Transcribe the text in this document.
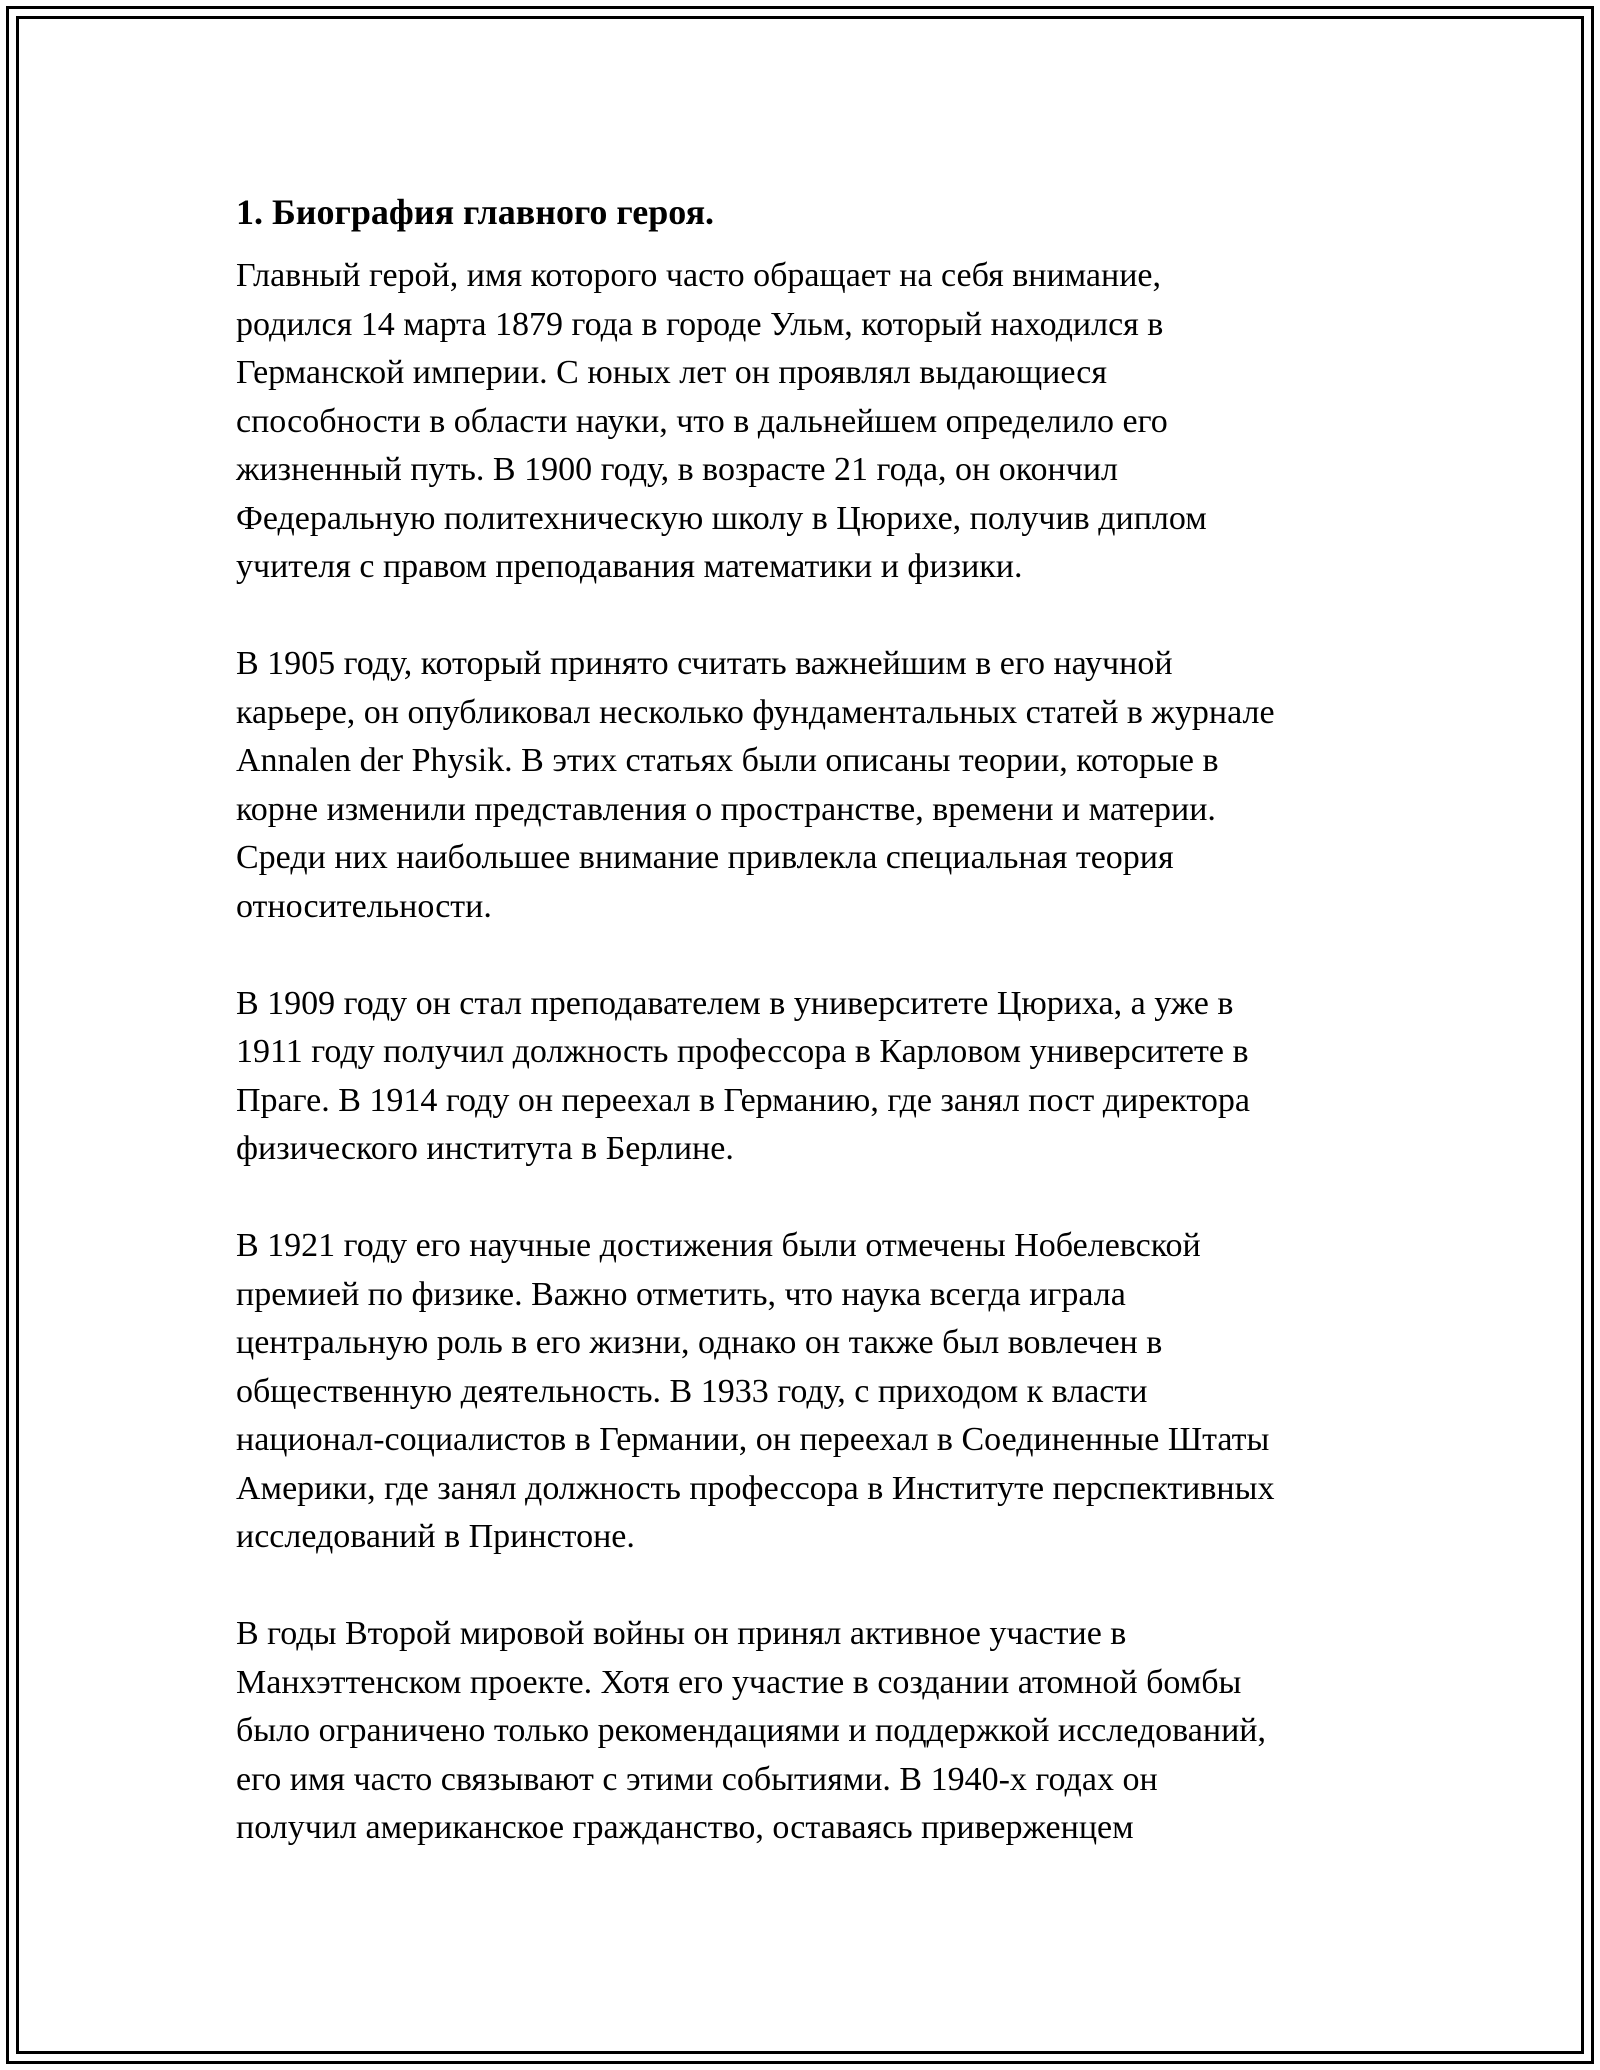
1. Биография главного героя.
Главный герой, имя которого часто обращает на себя внимание,
родился 14 марта 1879 года в городе Ульм, который находился в
Германской империи. С юных лет он проявлял выдающиеся
способности в области науки, что в дальнейшем определило его
жизненный путь. В 1900 году, в возрасте 21 года, он окончил
Федеральную политехническую школу в Цюрихе, получив диплом
учителя с правом преподавания математики и физики.
В 1905 году, который принято считать важнейшим в его научной
карьере, он опубликовал несколько фундаментальных статей в журнале
Annalen der Physik. В этих статьях были описаны теории, которые в
корне изменили представления о пространстве, времени и материи.
Среди них наибольшее внимание привлекла специальная теория
относительности.
В 1909 году он стал преподавателем в университете Цюриха, а уже в
1911 году получил должность профессора в Карловом университете в
Праге. В 1914 году он переехал в Германию, где занял пост директора
физического института в Берлине.
В 1921 году его научные достижения были отмечены Нобелевской
премией по физике. Важно отметить, что наука всегда играла
центральную роль в его жизни, однако он также был вовлечен в
общественную деятельность. В 1933 году, с приходом к власти
национал-социалистов в Германии, он переехал в Соединенные Штаты
Америки, где занял должность профессора в Институте перспективных
исследований в Принстоне.
В годы Второй мировой войны он принял активное участие в
Манхэттенском проекте. Хотя его участие в создании атомной бомбы
было ограничено только рекомендациями и поддержкой исследований,
его имя часто связывают с этими событиями. В 1940-х годах он
получил американское гражданство, оставаясь приверженцем
